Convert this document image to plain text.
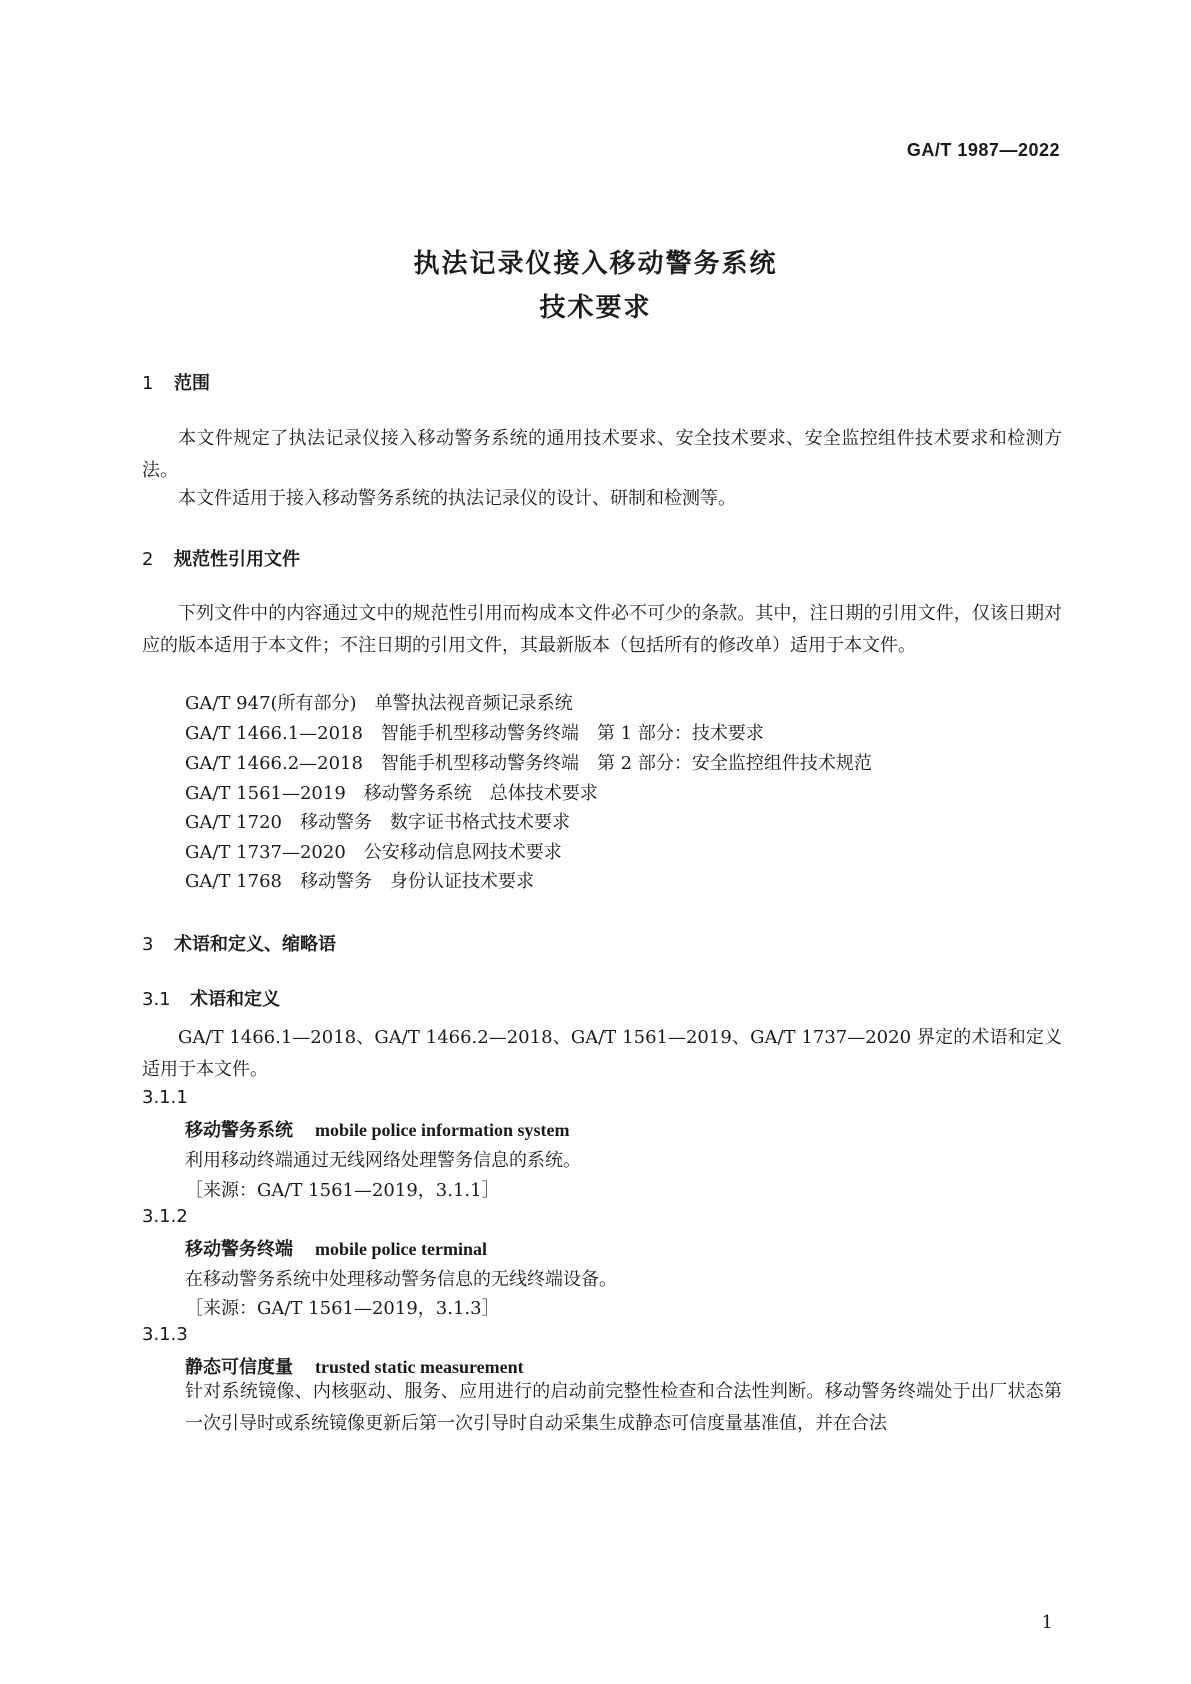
GA/T 1987—2022
执法记录仪接入移动警务系统
技术要求
1 范围
本文件规定了执法记录仪接入移动警务系统的通用技术要求、安全技术要求、安全监控组件技术要求和检测方法。
本文件适用于接入移动警务系统的执法记录仪的设计、研制和检测等。
2 规范性引用文件
下列文件中的内容通过文中的规范性引用而构成本文件必不可少的条款。其中，注日期的引用文件，仅该日期对应的版本适用于本文件；不注日期的引用文件，其最新版本（包括所有的修改单）适用于本文件。
GA/T 947(所有部分)　单警执法视音频记录系统
GA/T 1466.1—2018　智能手机型移动警务终端　第 1 部分：技术要求
GA/T 1466.2—2018　智能手机型移动警务终端　第 2 部分：安全监控组件技术规范
GA/T 1561—2019　移动警务系统　总体技术要求
GA/T 1720　移动警务　数字证书格式技术要求
GA/T 1737—2020　公安移动信息网技术要求
GA/T 1768　移动警务　身份认证技术要求
3 术语和定义、缩略语
3.1 术语和定义
GA/T 1466.1—2018、GA/T 1466.2—2018、GA/T 1561—2019、GA/T 1737—2020 界定的术语和定义适用于本文件。
3.1.1
移动警务系统 mobile police information system
利用移动终端通过无线网络处理警务信息的系统。
［来源：GA/T 1561—2019，3.1.1］
3.1.2
移动警务终端 mobile police terminal
在移动警务系统中处理移动警务信息的无线终端设备。
［来源：GA/T 1561—2019，3.1.3］
3.1.3
静态可信度量 trusted static measurement
针对系统镜像、内核驱动、服务、应用进行的启动前完整性检查和合法性判断。移动警务终端处于出厂状态第一次引导时或系统镜像更新后第一次引导时自动采集生成静态可信度量基准值，并在合法
1
